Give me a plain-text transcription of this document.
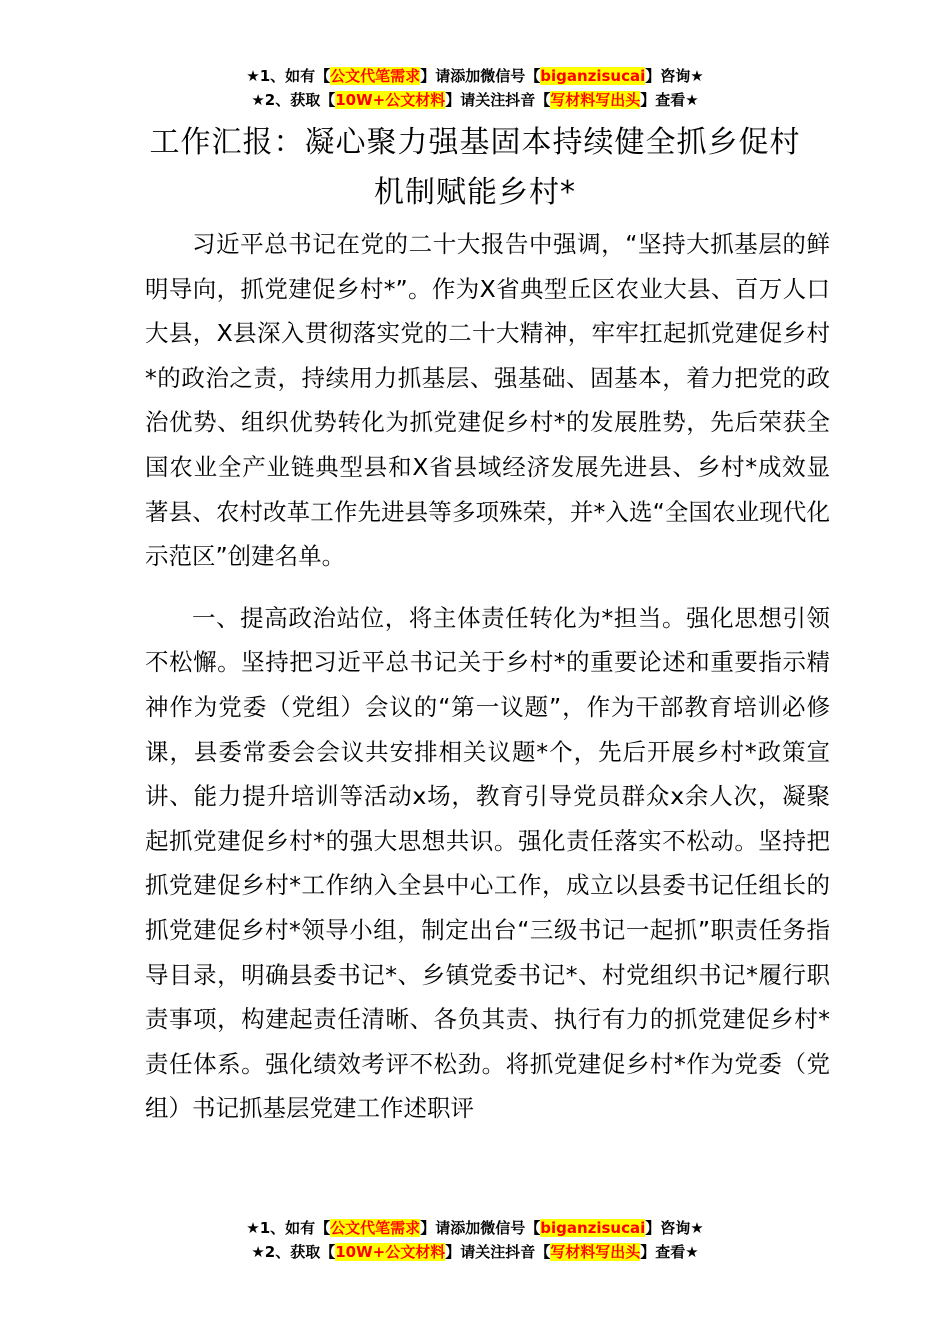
★1、如有【公文代笔需求】请添加微信号【biganzisucai】咨询★
★2、获取【10W+公文材料】请关注抖音【写材料写出头】查看★
工作汇报：凝心聚力强基固本持续健全抓乡促村机制赋能乡村*

习近平总书记在党的二十大报告中强调，“坚持大抓基层的鲜明导向，抓党建促乡村*”。作为X省典型丘区农业大县、百万人口大县，X县深入贯彻落实党的二十大精神，牢牢扛起抓党建促乡村*的政治之责，持续用力抓基层、强基础、固基本，着力把党的政治优势、组织优势转化为抓党建促乡村*的发展胜势，先后荣获全国农业全产业链典型县和X省县域经济发展先进县、乡村*成效显著县、农村改革工作先进县等多项殊荣，并*入选“全国农业现代化示范区”创建名单。

一、提高政治站位，将主体责任转化为*担当。强化思想引领不松懈。坚持把习近平总书记关于乡村*的重要论述和重要指示精神作为党委（党组）会议的“第一议题”，作为干部教育培训必修课，县委常委会会议共安排相关议题*个，先后开展乡村*政策宣讲、能力提升培训等活动x场，教育引导党员群众x余人次，凝聚起抓党建促乡村*的强大思想共识。强化责任落实不松动。坚持把抓党建促乡村*工作纳入全县中心工作，成立以县委书记任组长的抓党建促乡村*领导小组，制定出台“三级书记一起抓”职责任务指导目录，明确县委书记*、乡镇党委书记*、村党组织书记*履行职责事项，构建起责任清晰、各负其责、执行有力的抓党建促乡村*责任体系。强化绩效考评不松劲。将抓党建促乡村*作为党委（党组）书记抓基层党建工作述职评

★1、如有【公文代笔需求】请添加微信号【biganzisucai】咨询★
★2、获取【10W+公文材料】请关注抖音【写材料写出头】查看★
